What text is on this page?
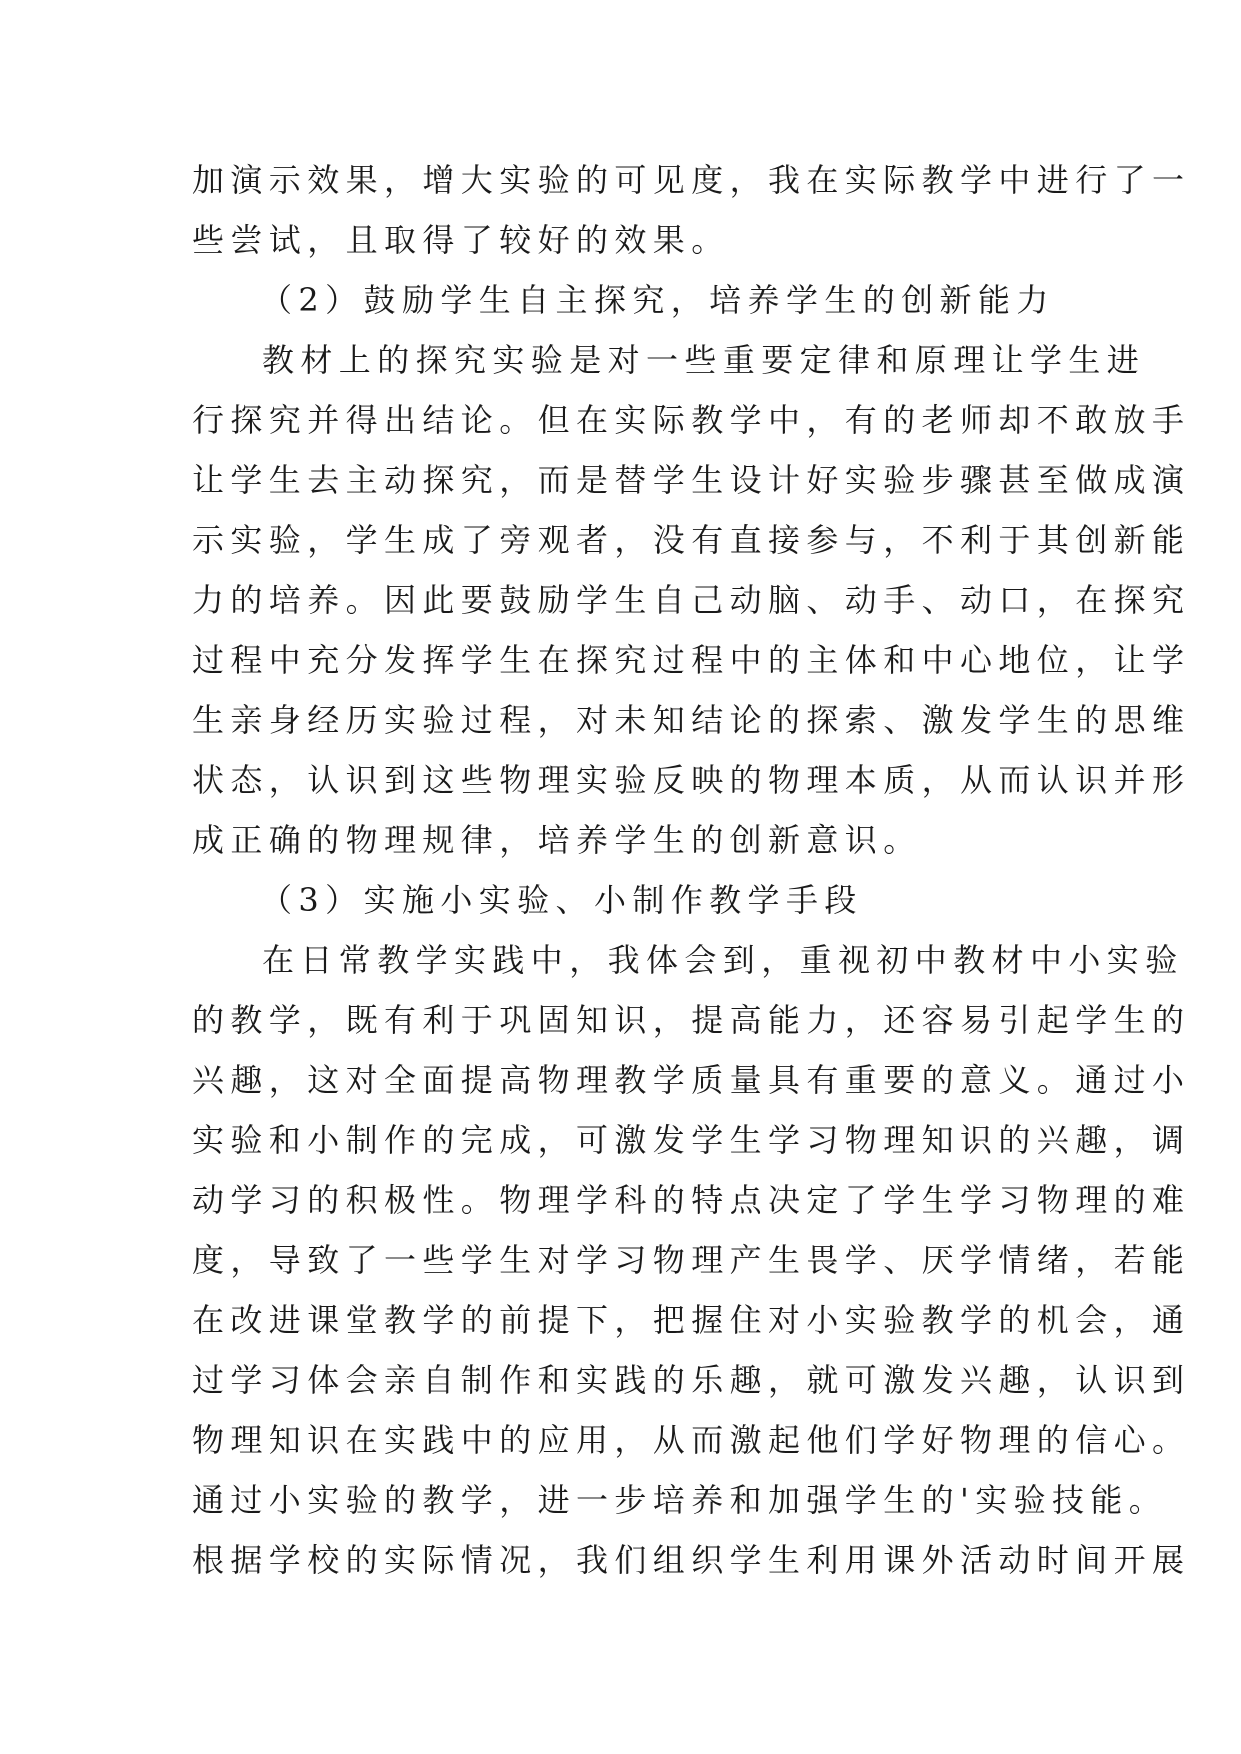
加演示效果，增大实验的可见度，我在实际教学中进行了一
些尝试，且取得了较好的效果。
（2）鼓励学生自主探究，培养学生的创新能力
教材上的探究实验是对一些重要定律和原理让学生进
行探究并得出结论。但在实际教学中，有的老师却不敢放手
让学生去主动探究，而是替学生设计好实验步骤甚至做成演
示实验，学生成了旁观者，没有直接参与，不利于其创新能
力的培养。因此要鼓励学生自己动脑、动手、动口，在探究
过程中充分发挥学生在探究过程中的主体和中心地位，让学
生亲身经历实验过程，对未知结论的探索、激发学生的思维
状态，认识到这些物理实验反映的物理本质，从而认识并形
成正确的物理规律，培养学生的创新意识。
（3）实施小实验、小制作教学手段
在日常教学实践中，我体会到，重视初中教材中小实验
的教学，既有利于巩固知识，提高能力，还容易引起学生的
兴趣，这对全面提高物理教学质量具有重要的意义。通过小
实验和小制作的完成，可激发学生学习物理知识的兴趣，调
动学习的积极性。物理学科的特点决定了学生学习物理的难
度，导致了一些学生对学习物理产生畏学、厌学情绪，若能
在改进课堂教学的前提下，把握住对小实验教学的机会，通
过学习体会亲自制作和实践的乐趣，就可激发兴趣，认识到
物理知识在实践中的应用，从而激起他们学好物理的信心。
通过小实验的教学，进一步培养和加强学生的'实验技能。
根据学校的实际情况，我们组织学生利用课外活动时间开展
